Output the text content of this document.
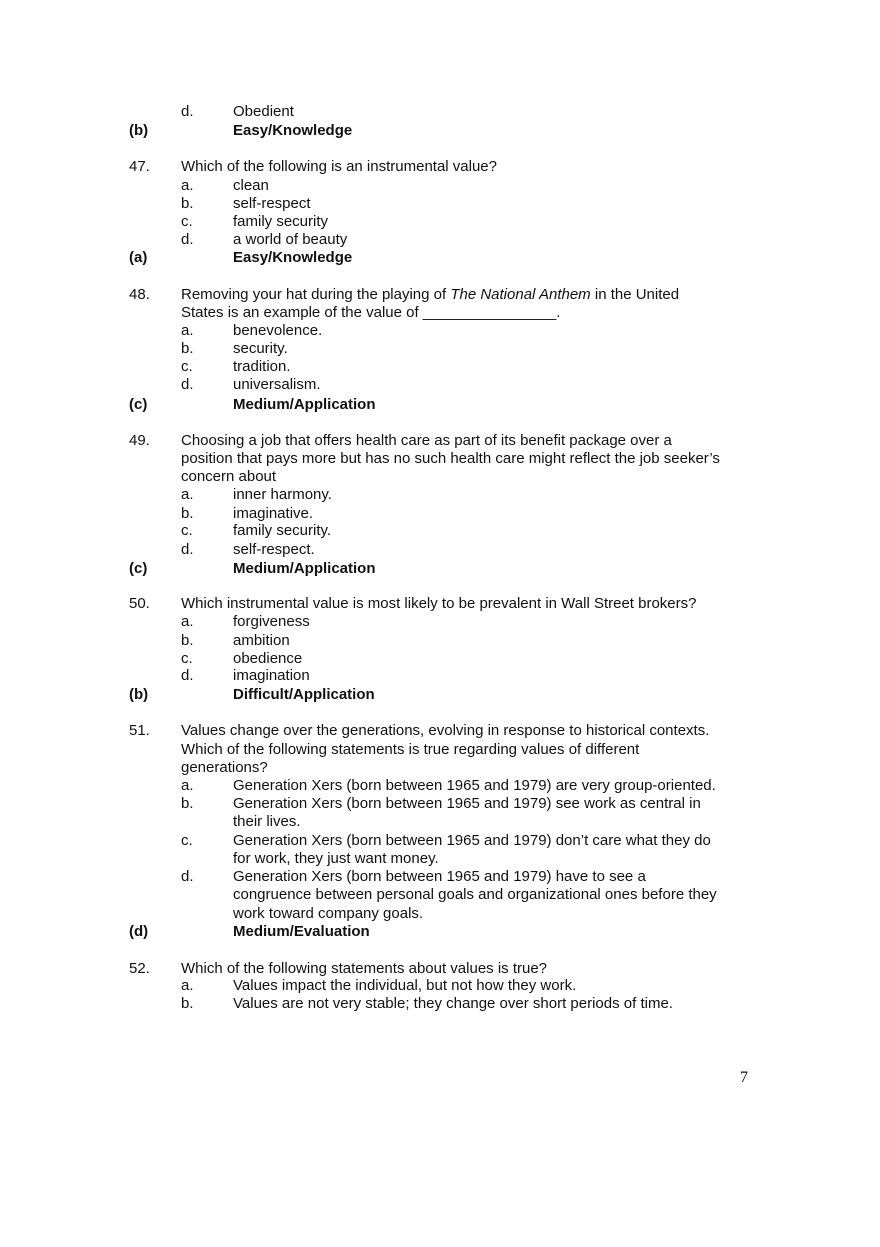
d.	Obedient
(b)	Easy/Knowledge
47. Which of the following is an instrumental value?
a.	clean
b.	self-respect
c.	family security
d.	a world of beauty
(a)	Easy/Knowledge
48. Removing your hat during the playing of The National Anthem in the United
States is an example of the value of ________________.
a.	benevolence.
b.	security.
c.	tradition.
d.	universalism.
(c)	Medium/Application
49. Choosing a job that offers health care as part of its benefit package over a
position that pays more but has no such health care might reflect the job seeker’s
concern about
a.	inner harmony.
b.	imaginative.
c.	family security.
d.	self-respect.
(c)	Medium/Application
50. Which instrumental value is most likely to be prevalent in Wall Street brokers?
a.	forgiveness
b.	ambition
c.	obedience
d.	imagination
(b)	Difficult/Application
51. Values change over the generations, evolving in response to historical contexts.
Which of the following statements is true regarding values of different
generations?
a.	Generation Xers (born between 1965 and 1979) are very group-oriented.
b.	Generation Xers (born between 1965 and 1979) see work as central in
their lives.
c.	Generation Xers (born between 1965 and 1979) don’t care what they do
for work, they just want money.
d.	Generation Xers (born between 1965 and 1979) have to see a
congruence between personal goals and organizational ones before they
work toward company goals.
(d)	Medium/Evaluation
52. Which of the following statements about values is true?
a.	Values impact the individual, but not how they work.
b.	Values are not very stable; they change over short periods of time.
7
